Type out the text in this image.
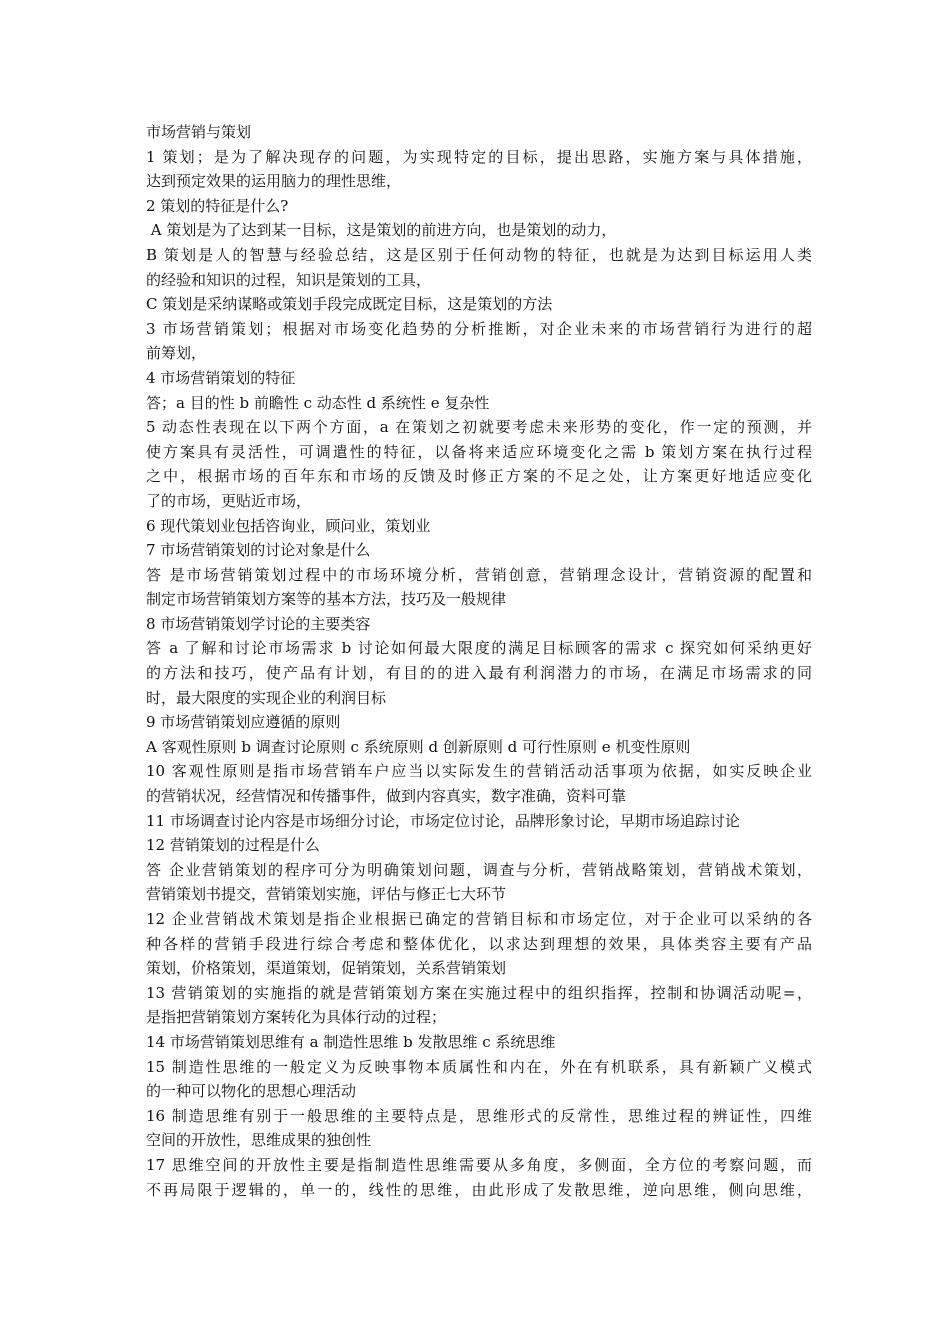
市场营销与策划
1 策划；是为了解决现存的问题，为实现特定的目标，提出思路，实施方案与具体措施，
达到预定效果的运用脑力的理性思维，
2 策划的特征是什么?
A 策划是为了达到某一目标，这是策划的前进方向，也是策划的动力，
B 策划是人的智慧与经验总结，这是区别于任何动物的特征，也就是为达到目标运用人类
的经验和知识的过程，知识是策划的工具，
C 策划是采纳谋略或策划手段完成既定目标，这是策划的方法
3 市场营销策划；根据对市场变化趋势的分析推断，对企业未来的市场营销行为进行的超
前筹划，
4 市场营销策划的特征
答；a 目的性 b 前瞻性 c 动态性 d 系统性 e 复杂性
5 动态性表现在以下两个方面，a 在策划之初就要考虑未来形势的变化，作一定的预测，并
使方案具有灵活性，可调遣性的特征，以备将来适应环境变化之需 b 策划方案在执行过程
之中，根据市场的百年东和市场的反馈及时修正方案的不足之处，让方案更好地适应变化
了的市场，更贴近市场，
6 现代策划业包括咨询业，顾问业，策划业
7 市场营销策划的讨论对象是什么
答 是市场营销策划过程中的市场环境分析，营销创意，营销理念设计，营销资源的配置和
制定市场营销策划方案等的基本方法，技巧及一般规律
8 市场营销策划学讨论的主要类容
答 a 了解和讨论市场需求 b 讨论如何最大限度的满足目标顾客的需求 c 探究如何采纳更好
的方法和技巧，使产品有计划，有目的的进入最有利润潜力的市场，在满足市场需求的同
时，最大限度的实现企业的利润目标
9 市场营销策划应遵循的原则
A 客观性原则 b 调查讨论原则 c 系统原则 d 创新原则 d 可行性原则 e 机变性原则
10 客观性原则是指市场营销车户应当以实际发生的营销活动活事项为依据，如实反映企业
的营销状况，经营情况和传播事件，做到内容真实，数字准确，资料可靠
11 市场调查讨论内容是市场细分讨论，市场定位讨论，品牌形象讨论，早期市场追踪讨论
12 营销策划的过程是什么
答 企业营销策划的程序可分为明确策划问题，调查与分析，营销战略策划，营销战术策划，
营销策划书提交，营销策划实施，评估与修正七大环节
12 企业营销战术策划是指企业根据已确定的营销目标和市场定位，对于企业可以采纳的各
种各样的营销手段进行综合考虑和整体优化，以求达到理想的效果，具体类容主要有产品
策划，价格策划，渠道策划，促销策划，关系营销策划
13 营销策划的实施指的就是营销策划方案在实施过程中的组织指挥，控制和协调活动呢=，
是指把营销策划方案转化为具体行动的过程；
14 市场营销策划思维有 a 制造性思维 b 发散思维 c 系统思维
15 制造性思维的一般定义为反映事物本质属性和内在，外在有机联系，具有新颖广义模式
的一种可以物化的思想心理活动
16 制造思维有别于一般思维的主要特点是，思维形式的反常性，思维过程的辨证性，四维
空间的开放性，思维成果的独创性
17 思维空间的开放性主要是指制造性思维需要从多角度，多侧面，全方位的考察问题，而
不再局限于逻辑的，单一的，线性的思维，由此形成了发散思维，逆向思维，侧向思维，
